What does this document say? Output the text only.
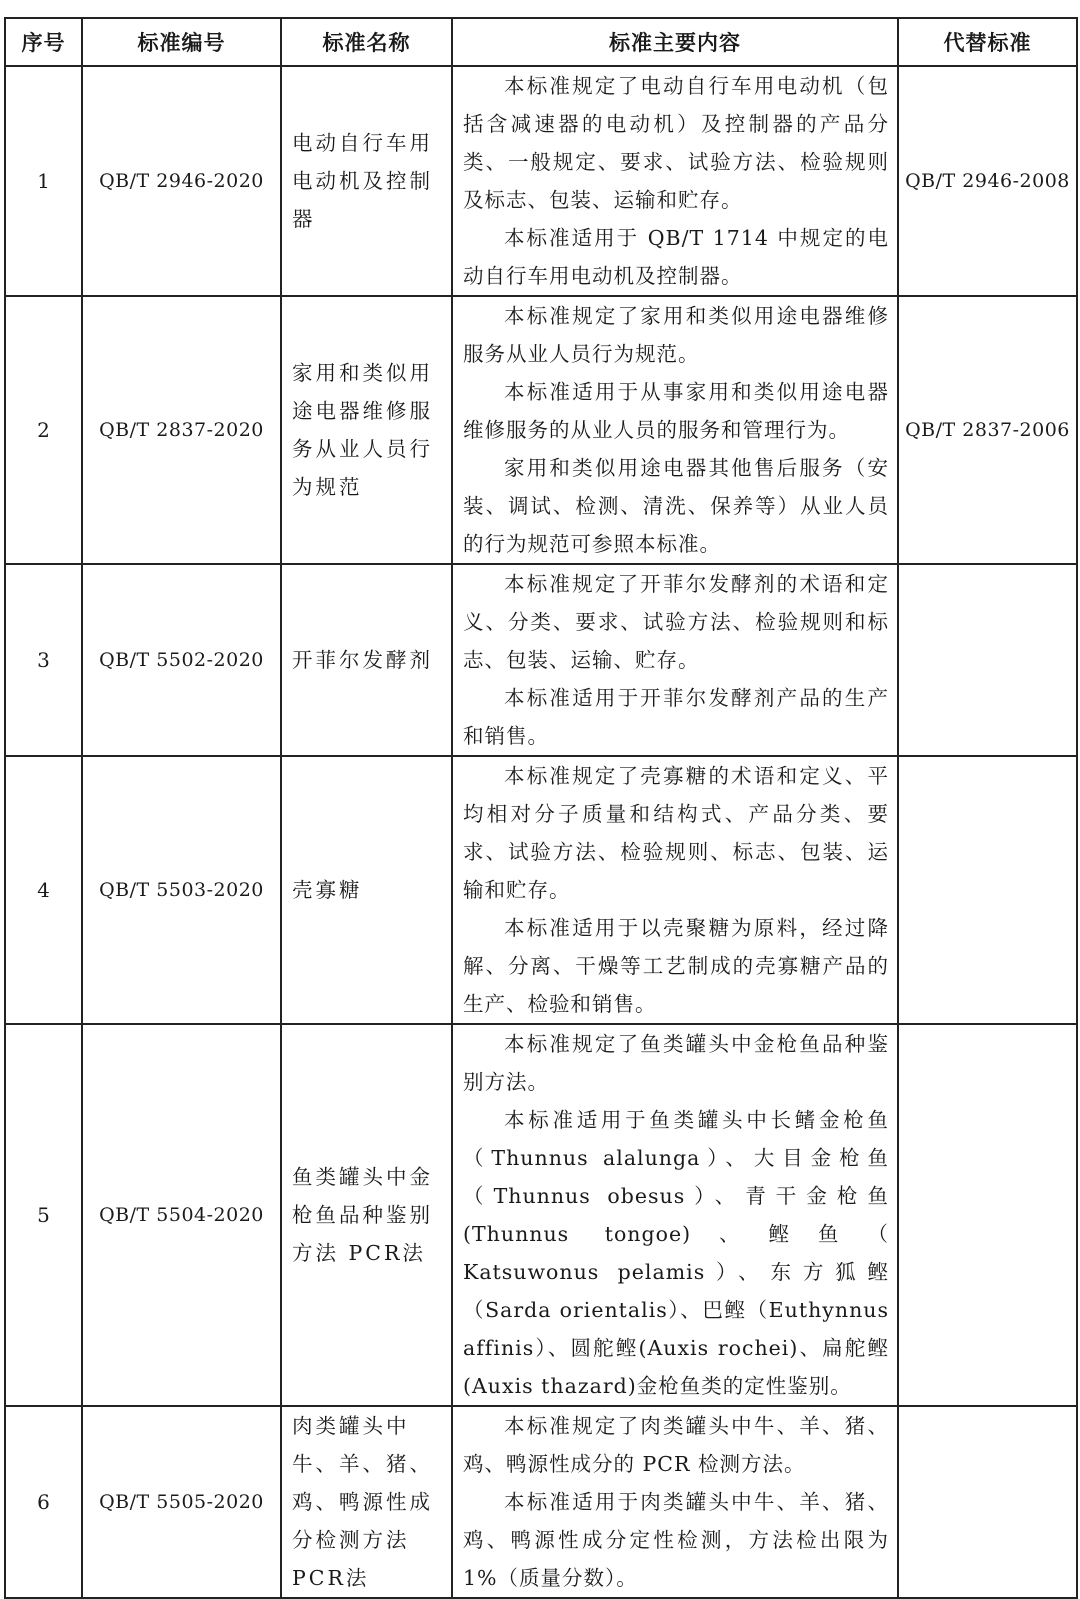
序号	标准编号	标准名称	标准主要内容	代替标准
1	QB/T 2946-2020	电动自行车用电动机及控制器	本标准规定了电动自行车用电动机（包括含减速器的电动机）及控制器的产品分类、一般规定、要求、试验方法、检验规则及标志、包装、运输和贮存。

本标准适用于 QB/T 1714 中规定的电动自行车用电动机及控制器。	QB/T 2946-2008
2	QB/T 2837-2020	家用和类似用途电器维修服务从业人员行为规范	本标准规定了家用和类似用途电器维修服务从业人员行为规范。

本标准适用于从事家用和类似用途电器维修服务的从业人员的服务和管理行为。

家用和类似用途电器其他售后服务（安装、调试、检测、清洗、保养等）从业人员的行为规范可参照本标准。	QB/T 2837-2006
3	QB/T 5502-2020	开菲尔发酵剂	本标准规定了开菲尔发酵剂的术语和定义、分类、要求、试验方法、检验规则和标志、包装、运输、贮存。

本标准适用于开菲尔发酵剂产品的生产和销售。	

4	QB/T 5503-2020	壳寡糖	本标准规定了壳寡糖的术语和定义、平均相对分子质量和结构式、产品分类、要求、试验方法、检验规则、标志、包装、运输和贮存。

本标准适用于以壳聚糖为原料，经过降解、分离、干燥等工艺制成的壳寡糖产品的生产、检验和销售。	

5	QB/T 5504-2020	鱼类罐头中金枪鱼品种鉴别方法 PCR法	本标准规定了鱼类罐头中金枪鱼品种鉴别方法。

本标准适用于鱼类罐头中长鳍金枪鱼（Thunnus alalunga）、大目金枪鱼（Thunnus obesus）、青干金枪鱼(Thunnus tongoe)、鲣鱼（ Katsuwonus pelamis）、东方狐鲣（Sarda orientalis）、巴鲣（Euthynnus affinis）、圆舵鲣(Auxis rochei)、扁舵鲣(Auxis thazard)金枪鱼类的定性鉴别。	

6	QB/T 5505-2020	肉类罐头中牛、羊、猪、鸡、鸭源性成分检测方法 PCR法	本标准规定了肉类罐头中牛、羊、猪、鸡、鸭源性成分的 PCR 检测方法。

本标准适用于肉类罐头中牛、羊、猪、鸡、鸭源性成分定性检测，方法检出限为 1%（质量分数）。	
